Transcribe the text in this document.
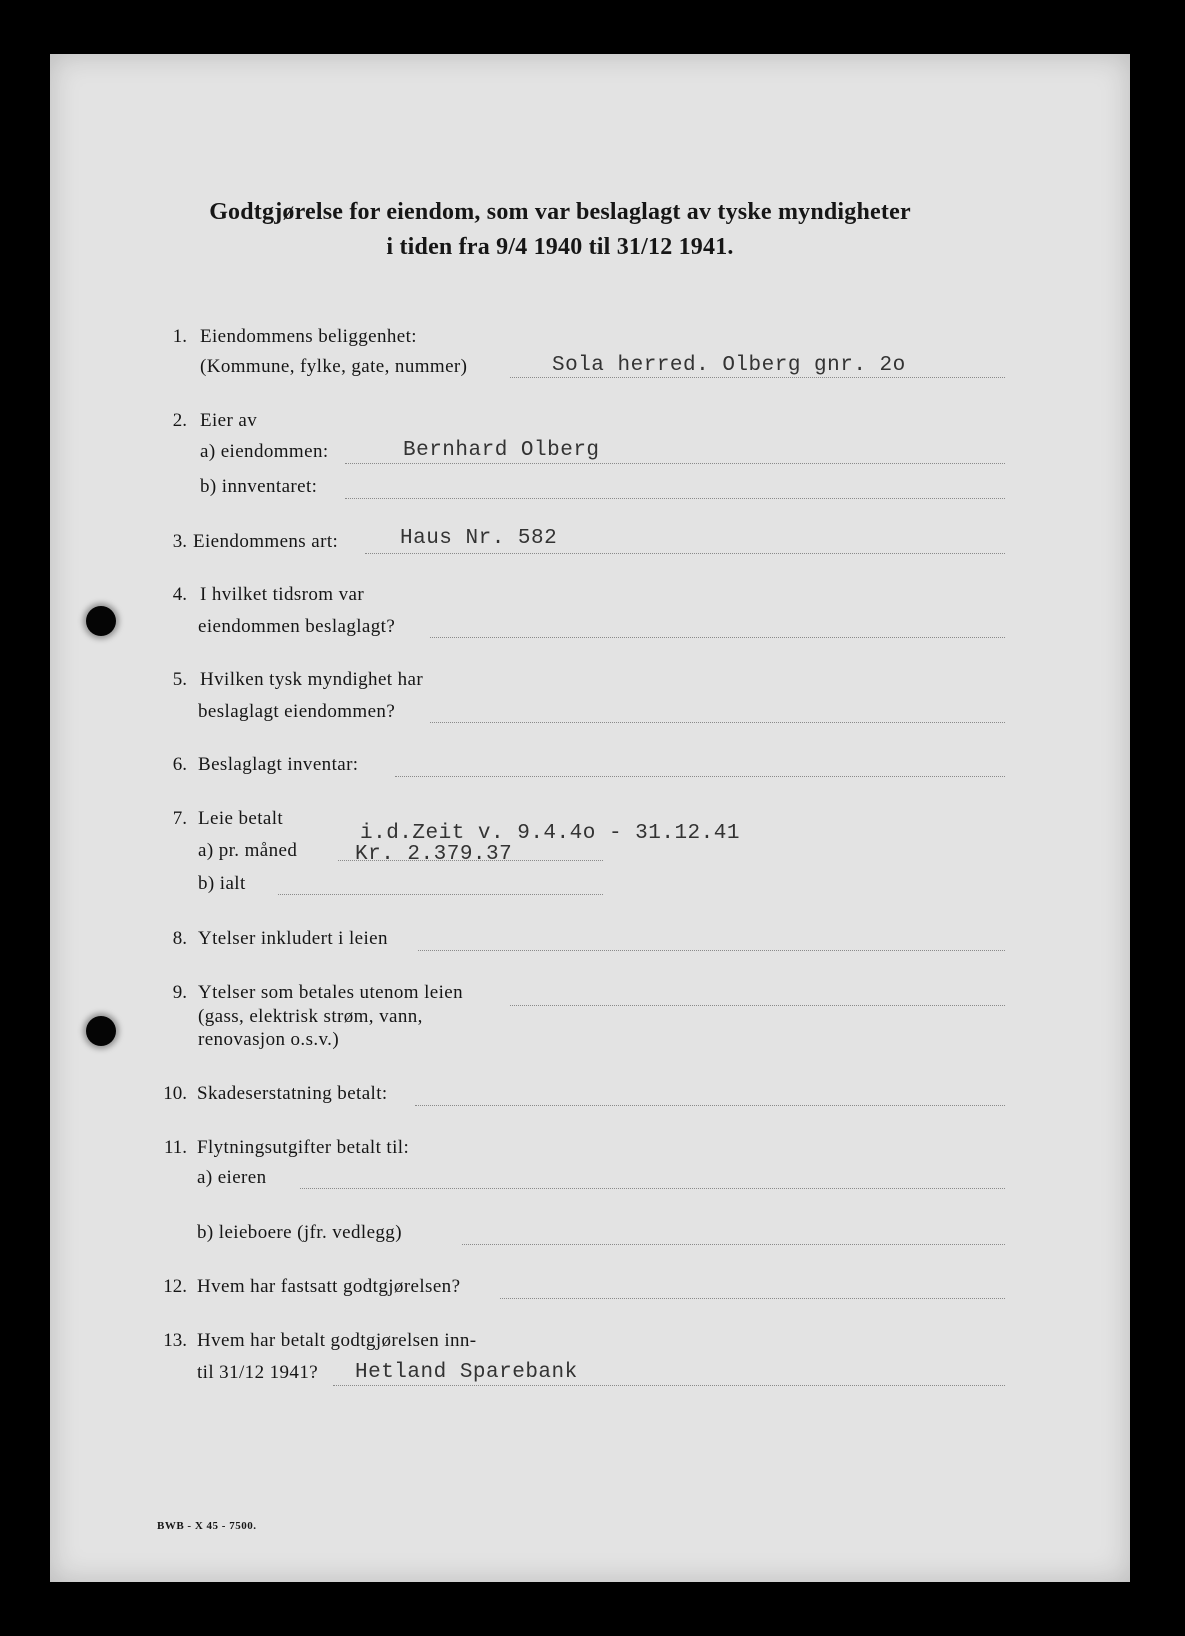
Godtgjørelse for eiendom, som var beslaglagt av tyske myndigheter
i tiden fra 9/4 1940 til 31/12 1941.
1. Eiendommens beliggenhet:
(Kommune, fylke, gate, nummer)	Sola herred. Olberg gnr. 2o
2. Eier av
a) eiendommen:	Bernhard Olberg
b) innventaret:
3. Eiendommens art:	Haus Nr. 582
4. I hvilket tidsrom var
eiendommen beslaglagt?
5. Hvilken tysk myndighet har
beslaglagt eiendommen?
6. Beslaglagt inventar:
7. Leie betalt
i.d.Zeit v. 9.4.4o - 31.12.41
a) pr. måned	Kr. 2.379.37
b) ialt
8. Ytelser inkludert i leien
9. Ytelser som betales utenom leien
(gass, elektrisk strøm, vann,
renovasjon o.s.v.)
10. Skadeserstatning betalt:
11. Flytningsutgifter betalt til:
a) eieren
b) leieboere (jfr. vedlegg)
12. Hvem har fastsatt godtgjørelsen?
13. Hvem har betalt godtgjørelsen inn-
til 31/12 1941? Hetland Sparebank
BWB - X 45 - 7500.
